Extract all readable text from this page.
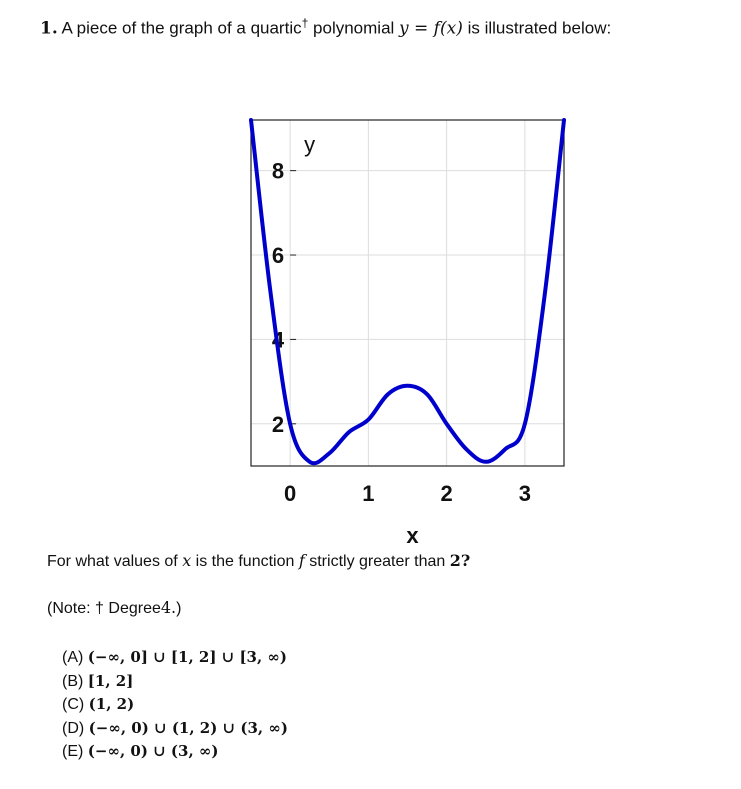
1. A piece of the graph of a quartic† polynomial y = f(x) is illustrated below:
2
4
6
8
0	1	2	3
y
x
For what values of x is the function f strictly greater than 2?
(Note: † Degree4.)
(A) (−∞, 0] ∪ [1, 2] ∪ [3, ∞)
(B) [1, 2]
(C) (1, 2)
(D) (−∞, 0) ∪ (1, 2) ∪ (3, ∞)
(E) (−∞, 0) ∪ (3, ∞)
